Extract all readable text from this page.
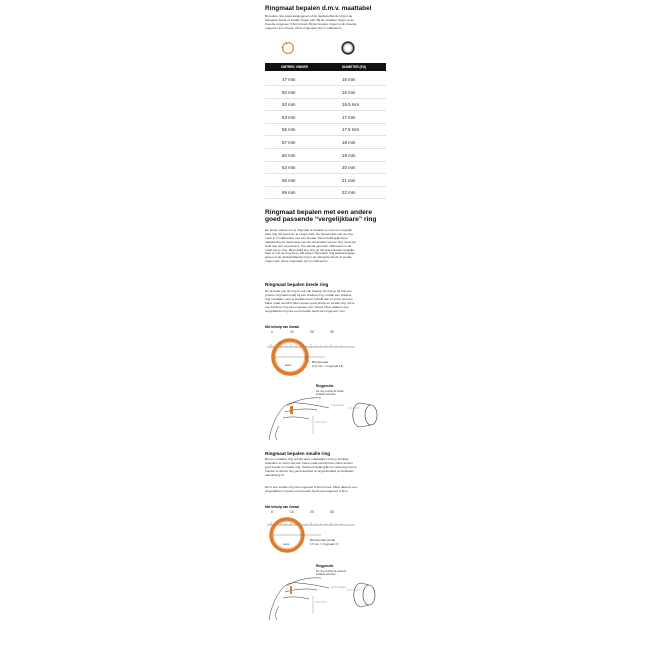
Ringmaat bepalen d.m.v. maattabel
Bij iedere ring staat aangegeven of de desbetreffende ring in de
categorie brede of smalle ringen valt. Bij de smallere ringen is de
breedte ongeveer 0,6cm breed. Bij de bredere ringen is de breedte
ongeveer 1cm breed. Onze ringmaten zijn in millimeters.
OMTREK VINGER	DIAMETER (EU)
47 mm	15 mm
50 mm	16 mm
52 mm	16.5 mm
53 mm	17 mm
55 mm	17.5 mm
57 mm	18 mm
60 mm	19 mm
63 mm	20 mm
66 mm	21 mm
69 mm	22 mm
Ringmaat bepalen met een andere
goed passende “vergelijkbare” ring
De beste manier om je ringmaat te bepalen is met een vergelijk-
bare ring die goed om je vinger past. De binnenzijde van de ring
meet je in millimeters met een lineaal. Het is belangrijk dat je
nauwkeurig de doorsnede van de binnenkant van de ring meet (de
rand dus niet meemeten). Het aantal gemeten millimeters is de
maat van je ring. Meet altijd een ring op die qua breedte vergelijk-
baar is met de ring die je wilt kopen. Bij iedere ring staat aangege-
geven of de desbetreffende ring in de categorie brede of smalle
ringen valt. Onze ringmaten zijn in millimeters.
Ringmaat bepalen brede ring
De breedte van de ring is ook van belang. Zo heb je bij ook een
grotere ringmaat nodig bij een bredere ring, omdat een bredere
ring moeilijker over je knokkel heen schuift dan er soms wel een
halve maat verschil zitten tussen jouw brede en smalle ring. Dit is
een bredere ring van ongeveer 1cm breed. Meet daarom een
vergelijkbare ring die een breedte heeft van ongeveer 1cm.
Met behulp van lineaal
0	10	20	30
lewis
Binnenmaat
(1,6 mm = ringmaat 16)
Ringpositie
De ring voorbij de brede
knokkel schuiven
1 cm breed
Ringmaat bepalen smalle ring
Bij een smallere ring schuift deze makkelijker over je knokkel,
waardoor er soms wel een halve maat verschil kan zitten tussen
jouw brede en smalle ring. Ook bent belangrijk om rekening mee te
houden is dat de ring goed aansluit je vingerknokkel je handpalm
aansluiting zit.
Dit is een smalle ring van ongeveer 0,6cm breed. Meet daarom een
vergelijkbare ring die een breedte heeft van ongeveer 0,6cm.
Met behulp van lineaal
0	10	20	30
nova
Binnenmaat (smal)
17 mm = ringmaat 17
Ringpositie
De ring voorbij de nevenle
knokkel schuiven
0,6 cm breed
